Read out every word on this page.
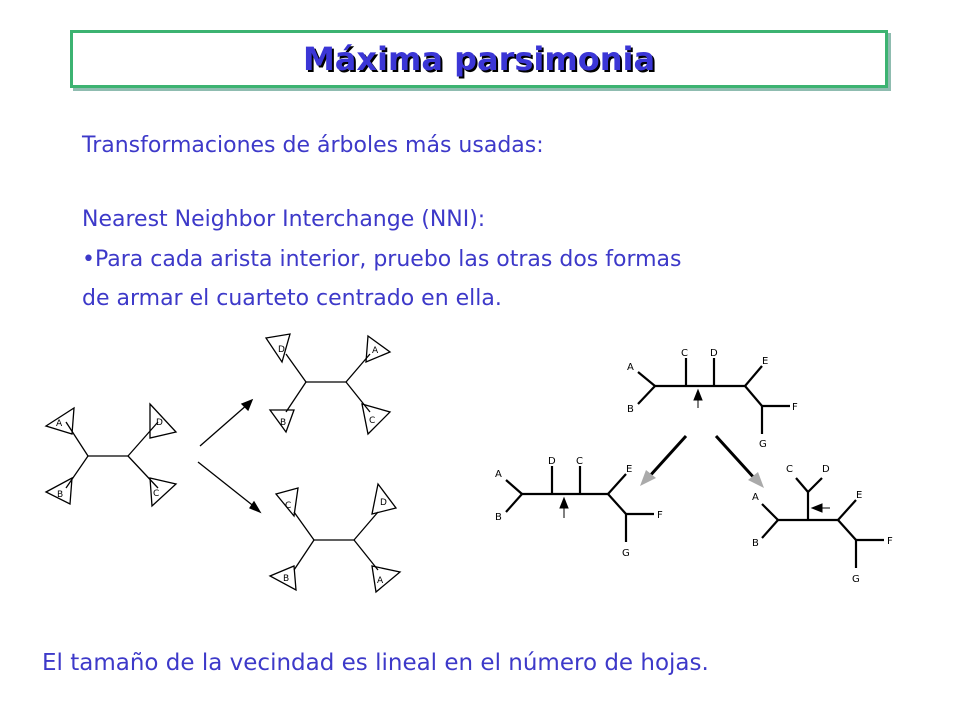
Máxima parsimonia
Transformaciones de árboles más usadas:
Nearest Neighbor Interchange (NNI):
•Para cada arista interior, pruebo las otras dos formas
de armar el cuarteto centrado en ella.
A
B
D
C
D
B
A
C
C
B
D
A
A
B
C D
E
F
G
A
B
D C
E
F
G
A
B
C	D
E
F
G
El tamaño de la vecindad es lineal en el número de hojas.
